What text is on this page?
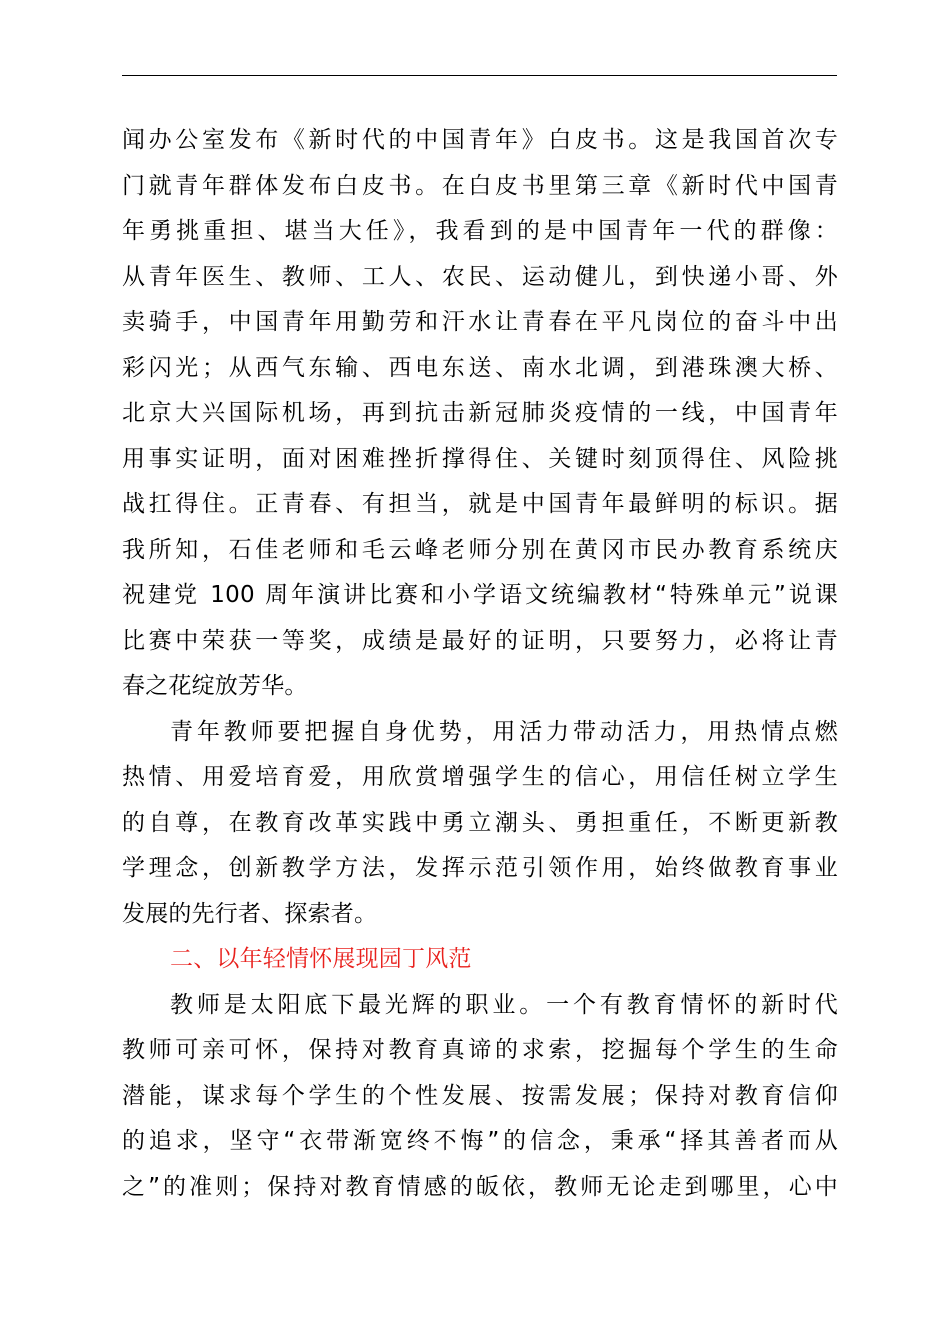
闻办公室发布《新时代的中国青年》白皮书。这是我国首次专
门就青年群体发布白皮书。在白皮书里第三章《新时代中国青
年勇挑重担、堪当大任》，我看到的是中国青年一代的群像：
从青年医生、教师、工人、农民、运动健儿，到快递小哥、外
卖骑手，中国青年用勤劳和汗水让青春在平凡岗位的奋斗中出
彩闪光；从西气东输、西电东送、南水北调，到港珠澳大桥、
北京大兴国际机场，再到抗击新冠肺炎疫情的一线，中国青年
用事实证明，面对困难挫折撑得住、关键时刻顶得住、风险挑
战扛得住。正青春、有担当，就是中国青年最鲜明的标识。据
我所知，石佳老师和毛云峰老师分别在黄冈市民办教育系统庆
祝建党 100 周年演讲比赛和小学语文统编教材“特殊单元”说课
比赛中荣获一等奖，成绩是最好的证明，只要努力，必将让青
春之花绽放芳华。
青年教师要把握自身优势，用活力带动活力，用热情点燃
热情、用爱培育爱，用欣赏增强学生的信心，用信任树立学生
的自尊，在教育改革实践中勇立潮头、勇担重任，不断更新教
学理念，创新教学方法，发挥示范引领作用，始终做教育事业
发展的先行者、探索者。
二、以年轻情怀展现园丁风范
教师是太阳底下最光辉的职业。一个有教育情怀的新时代
教师可亲可怀，保持对教育真谛的求索，挖掘每个学生的生命
潜能，谋求每个学生的个性发展、按需发展；保持对教育信仰
的追求，坚守“衣带渐宽终不悔”的信念，秉承“择其善者而从
之”的准则；保持对教育情感的皈依，教师无论走到哪里，心中
